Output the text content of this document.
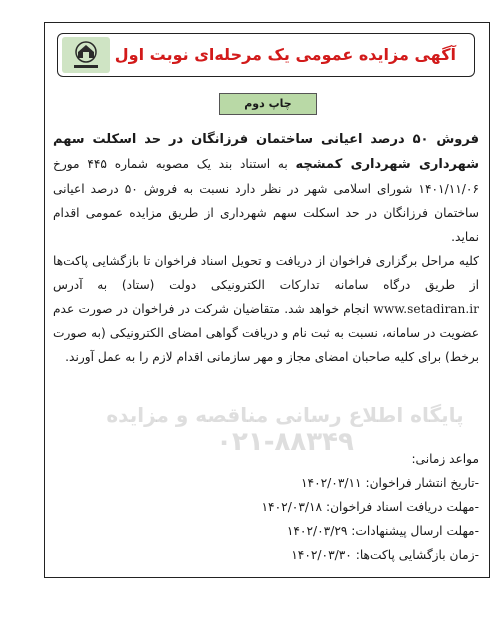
آگهی مزایده عمومی یک مرحله‌ای نوبت اول
چاپ دوم
پایگاه اطلاع رسانی مناقصه و مزایده
۰۲۱-۸۸۳۴۹

فروش ۵۰ درصد اعیانی ساختمان فرزانگان در حد اسکلت سهم شهرداری شهرداری کمشچه به استناد بند یک مصوبه شماره ۴۴۵ مورخ ۱۴۰۱/۱۱/۰۶ شورای اسلامی شهر در نظر دارد نسبت به فروش ۵۰ درصد اعیانی ساختمان فرزانگان در حد اسکلت سهم شهرداری از طریق مزایده عمومی اقدام نماید.

کلیه مراحل برگزاری فراخوان از دریافت و تحویل اسناد فراخوان تا بازگشایی پاکت‌ها از طریق درگاه سامانه تدارکات الکترونیکی دولت (ستاد) به آدرس www.setadiran.ir انجام خواهد شد. متقاضیان شرکت در فراخوان در صورت عدم عضویت در سامانه، نسبت به ثبت نام و دریافت گواهی امضای الکترونیکی (به صورت برخط) برای کلیه صاحبان امضای مجاز و مهر سازمانی اقدام لازم را به عمل آورند.

مواعد زمانی:
-تاریخ انتشار فراخوان: ۱۴۰۲/۰۳/۱۱
-مهلت دریافت اسناد فراخوان: ۱۴۰۲/۰۳/۱۸
-مهلت ارسال پیشنهادات: ۱۴۰۲/۰۳/۲۹
-زمان بازگشایی پاکت‌ها: ۱۴۰۲/۰۳/۳۰
